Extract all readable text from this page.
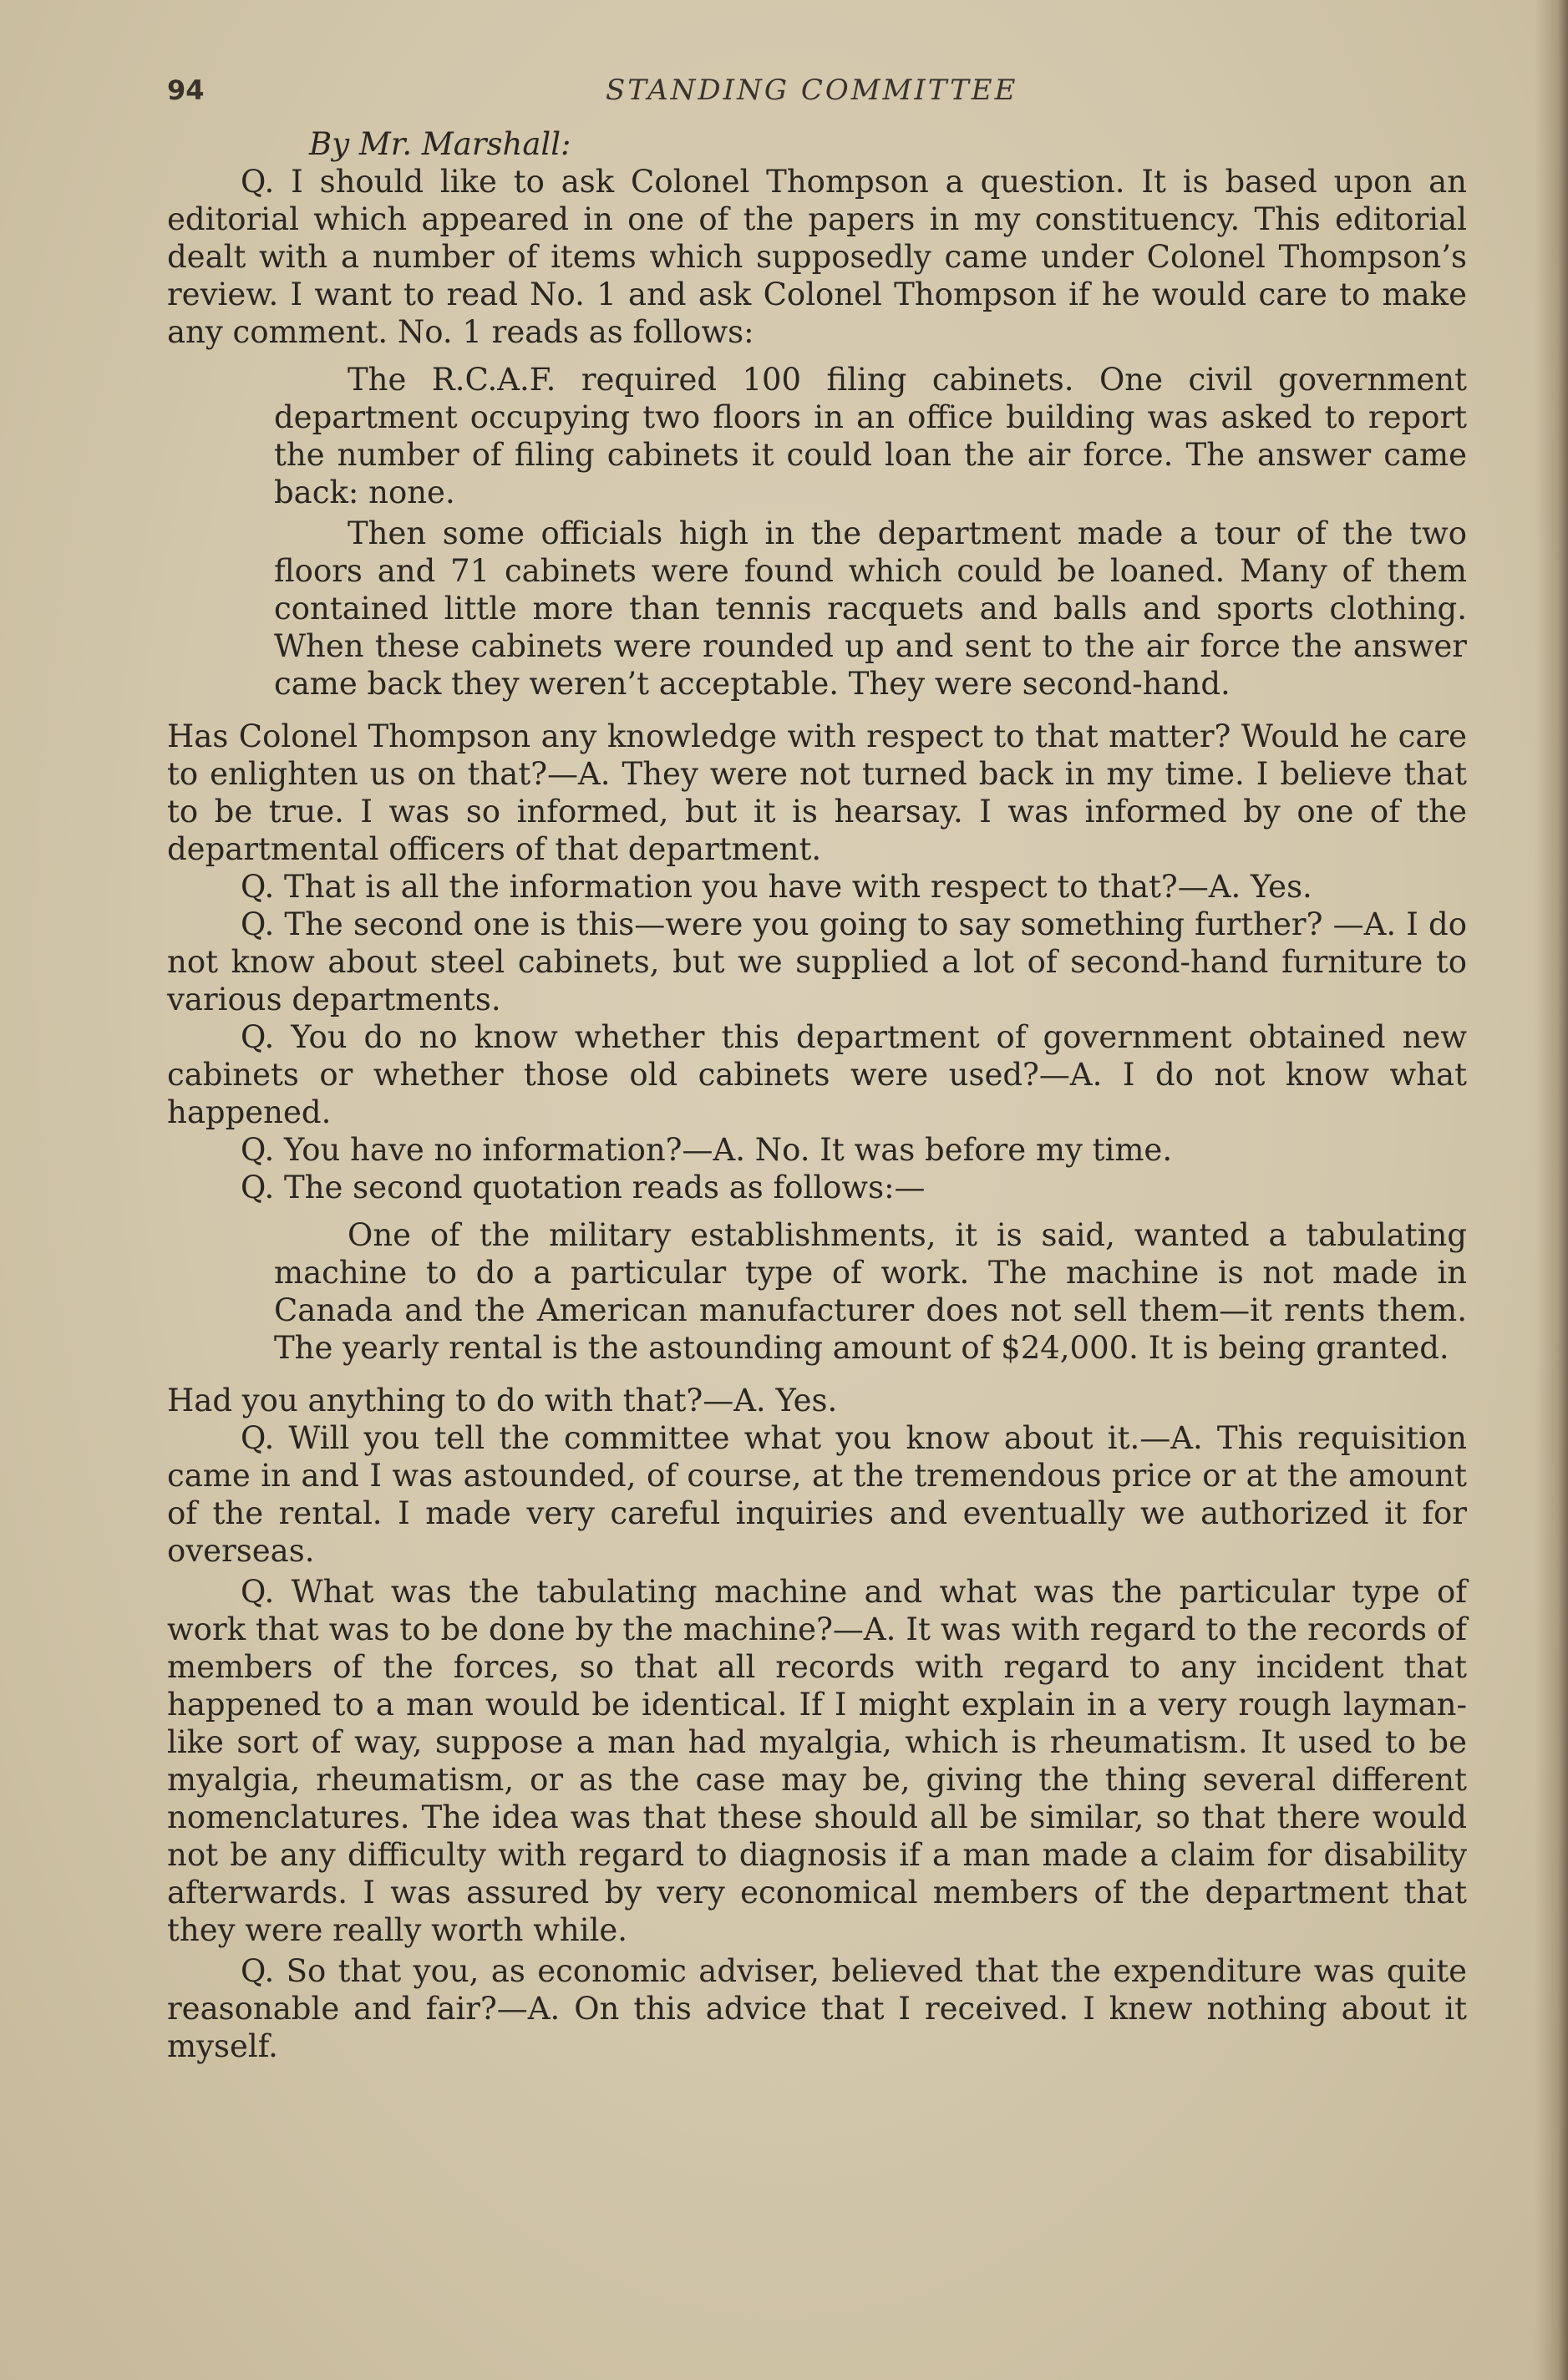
94	STANDING COMMITTEE

By Mr. Marshall:

Q. I should like to ask Colonel Thompson a question. It is based upon an editorial which appeared in one of the papers in my constituency. This editorial dealt with a number of items which supposedly came under Colonel Thompson’s review. I want to read No. 1 and ask Colonel Thompson if he would care to make any comment. No. 1 reads as follows:

The R.C.A.F. required 100 filing cabinets. One civil government department occupying two floors in an office building was asked to report the number of filing cabinets it could loan the air force. The answer came back: none.

Then some officials high in the department made a tour of the two floors and 71 cabinets were found which could be loaned. Many of them contained little more than tennis racquets and balls and sports clothing. When these cabinets were rounded up and sent to the air force the answer came back they weren’t acceptable. They were second-hand.

Has Colonel Thompson any knowledge with respect to that matter? Would he care to enlighten us on that?—A. They were not turned back in my time. I believe that to be true. I was so informed, but it is hearsay. I was informed by one of the departmental officers of that department.

Q. That is all the information you have with respect to that?—A. Yes.

Q. The second one is this—were you going to say something further? —A. I do not know about steel cabinets, but we supplied a lot of second-hand furniture to various departments.

Q. You do no know whether this department of government obtained new cabinets or whether those old cabinets were used?—A. I do not know what happened.

Q. You have no information?—A. No. It was before my time.

Q. The second quotation reads as follows:—

One of the military establishments, it is said, wanted a tabulating machine to do a particular type of work. The machine is not made in Canada and the American manufacturer does not sell them—it rents them. The yearly rental is the astounding amount of $24,000. It is being granted.

Had you anything to do with that?—A. Yes.

Q. Will you tell the committee what you know about it.—A. This requisition came in and I was astounded, of course, at the tremendous price or at the amount of the rental. I made very careful inquiries and eventually we authorized it for overseas.

Q. What was the tabulating machine and what was the particular type of work that was to be done by the machine?—A. It was with regard to the records of members of the forces, so that all records with regard to any incident that happened to a man would be identical. If I might explain in a very rough layman-like sort of way, suppose a man had myalgia, which is rheumatism. It used to be myalgia, rheumatism, or as the case may be, giving the thing several different nomenclatures. The idea was that these should all be similar, so that there would not be any difficulty with regard to diagnosis if a man made a claim for disability afterwards. I was assured by very economical members of the department that they were really worth while.

Q. So that you, as economic adviser, believed that the expenditure was quite reasonable and fair?—A. On this advice that I received. I knew nothing about it myself.
